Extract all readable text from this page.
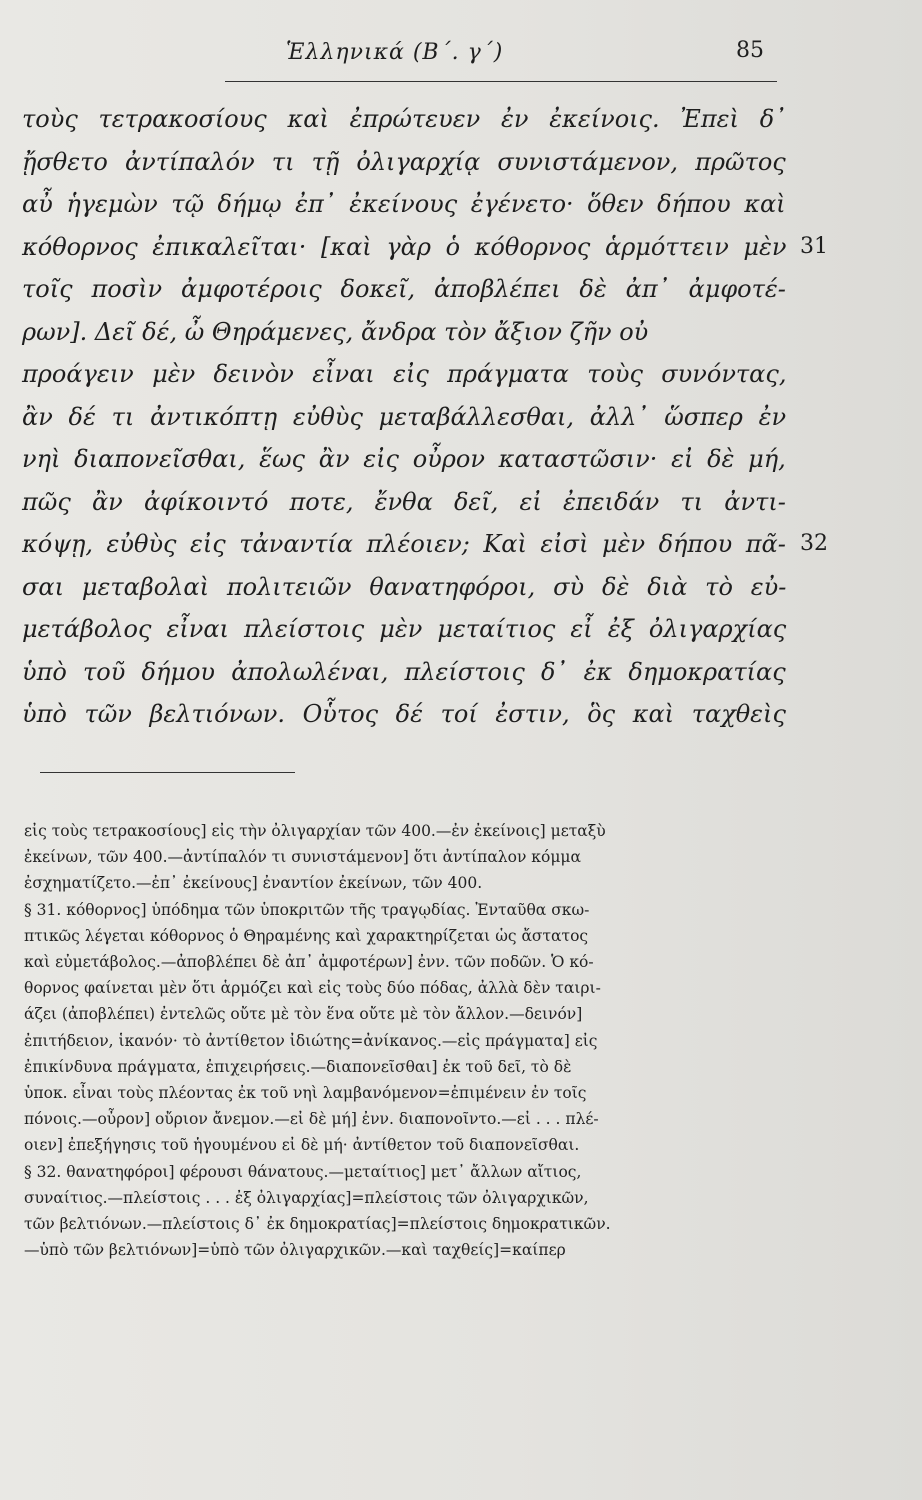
Ἑλληνικά (Β΄. γ΄)	85
τοὺς τετρακοσίους καὶ ἐπρώτευεν ἐν ἐκείνοις. Ἐπεὶ δ᾽
ᾔσθετο ἀντίπαλόν τι τῇ ὀλιγαρχίᾳ συνιστάμενον, πρῶτος
αὖ ἡγεμὼν τῷ δήμῳ ἐπ᾽ ἐκείνους ἐγένετο· ὅθεν δήπου καὶ
κόθορνος ἐπικαλεῖται· [καὶ γὰρ ὁ κόθορνος ἁρμόττειν μὲν 31
τοῖς ποσὶν ἀμφοτέροις δοκεῖ, ἀποβλέπει δὲ ἀπ᾽ ἀμφοτέ-
ρων]. Δεῖ δέ, ὦ Θηράμενες, ἄνδρα τὸν ἄξιον ζῆν οὐ
προάγειν μὲν δεινὸν εἶναι εἰς πράγματα τοὺς συνόντας,
ἂν δέ τι ἀντικόπτῃ εὐθὺς μεταβάλλεσθαι, ἀλλ᾽ ὥσπερ ἐν
νηὶ διαπονεῖσθαι, ἕως ἂν εἰς οὖρον καταστῶσιν· εἰ δὲ μή,
πῶς ἂν ἀφίκοιντό ποτε, ἔνθα δεῖ, εἰ ἐπειδάν τι ἀντι-
κόψῃ, εὐθὺς εἰς τἀναντία πλέοιεν; Καὶ εἰσὶ μὲν δήπου πᾶ- 32
σαι μεταβολαὶ πολιτειῶν θανατηφόροι, σὺ δὲ διὰ τὸ εὐ-
μετάβολος εἶναι πλείστοις μὲν μεταίτιος εἶ ἐξ ὀλιγαρχίας
ὑπὸ τοῦ δήμου ἀπολωλέναι, πλείστοις δ᾽ ἐκ δημοκρατίας
ὑπὸ τῶν βελτιόνων. Οὗτος δέ τοί ἐστιν, ὃς καὶ ταχθεὶς
εἰς τοὺς τετρακοσίους] εἰς τὴν ὀλιγαρχίαν τῶν 400.—ἐν ἐκείνοις] μεταξὺἐκείνων, τῶν 400.—ἀντίπαλόν τι συνιστάμενον] ὅτι ἀντίπαλον κόμμαἐσχηματίζετο.—ἐπ᾽ ἐκείνους] ἐναντίον ἐκείνων, τῶν 400.§ 31. κόθορνος] ὑπόδημα τῶν ὑποκριτῶν τῆς τραγῳδίας. Ἐνταῦθα σκω-πτικῶς λέγεται κόθορνος ὁ Θηραμένης καὶ χαρακτηρίζεται ὡς ἄστατοςκαὶ εὐμετάβολος.—ἀποβλέπει δὲ ἀπ᾽ ἀμφοτέρων] ἐνν. τῶν ποδῶν. Ὁ κό-θορνος φαίνεται μὲν ὅτι ἁρμόζει καὶ εἰς τοὺς δύο πόδας, ἀλλὰ δὲν ταιρι-άζει (ἀποβλέπει) ἐντελῶς οὔτε μὲ τὸν ἕνα οὔτε μὲ τὸν ἄλλον.—δεινόν]ἐπιτήδειον, ἱκανόν· τὸ ἀντίθετον ἰδιώτης=ἀνίκανος.—εἰς πράγματα] εἰςἐπικίνδυνα πράγματα, ἐπιχειρήσεις.—διαπονεῖσθαι] ἐκ τοῦ δεῖ, τὸ δὲὑποκ. εἶναι τοὺς πλέοντας ἐκ τοῦ νηὶ λαμβανόμενον=ἐπιμένειν ἐν τοῖςπόνοις.—οὖρον] οὔριον ἄνεμον.—εἰ δὲ μή] ἐνν. διαπονοῖντο.—εἰ . . . πλέ-οιεν] ἐπεξήγησις τοῦ ἡγουμένου εἰ δὲ μή· ἀντίθετον τοῦ διαπονεῖσθαι.§ 32. θανατηφόροι] φέρουσι θάνατους.—μεταίτιος] μετ᾽ ἄλλων αἴτιος,συναίτιος.—πλείστοις . . . ἐξ ὀλιγαρχίας]=πλείστοις τῶν ὀλιγαρχικῶν,τῶν βελτιόνων.—πλείστοις δ᾽ ἐκ δημοκρατίας]=πλείστοις δημοκρατικῶν.—ὑπὸ τῶν βελτιόνων]=ὑπὸ τῶν ὀλιγαρχικῶν.—καὶ ταχθείς]=καίπερ
